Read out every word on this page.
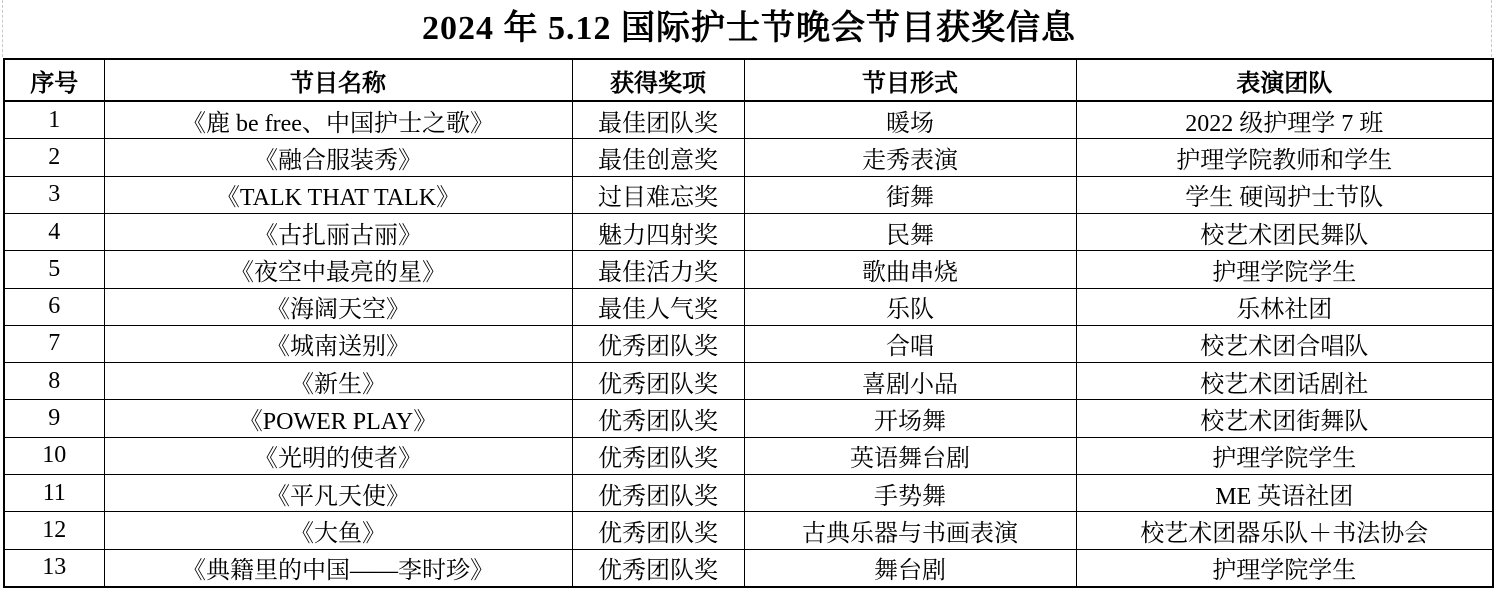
2024 年 5.12 国际护士节晚会节目获奖信息
序号	节目名称	获得奖项	节目形式	表演团队
1	《鹿 be free、中国护士之歌》	最佳团队奖	暖场	2022 级护理学 7 班
2	《融合服装秀》	最佳创意奖	走秀表演	护理学院教师和学生
3	《TALK THAT TALK》	过目难忘奖	街舞	学生 硬闯护士节队
4	《古扎丽古丽》	魅力四射奖	民舞	校艺术团民舞队
5	《夜空中最亮的星》	最佳活力奖	歌曲串烧	护理学院学生
6	《海阔天空》	最佳人气奖	乐队	乐林社团
7	《城南送别》	优秀团队奖	合唱	校艺术团合唱队
8	《新生》	优秀团队奖	喜剧小品	校艺术团话剧社
9	《POWER PLAY》	优秀团队奖	开场舞	校艺术团街舞队
10	《光明的使者》	优秀团队奖	英语舞台剧	护理学院学生
11	《平凡天使》	优秀团队奖	手势舞	ME 英语社团
12	《大鱼》	优秀团队奖	古典乐器与书画表演	校艺术团器乐队＋书法协会
13	《典籍里的中国——李时珍》	优秀团队奖	舞台剧	护理学院学生
